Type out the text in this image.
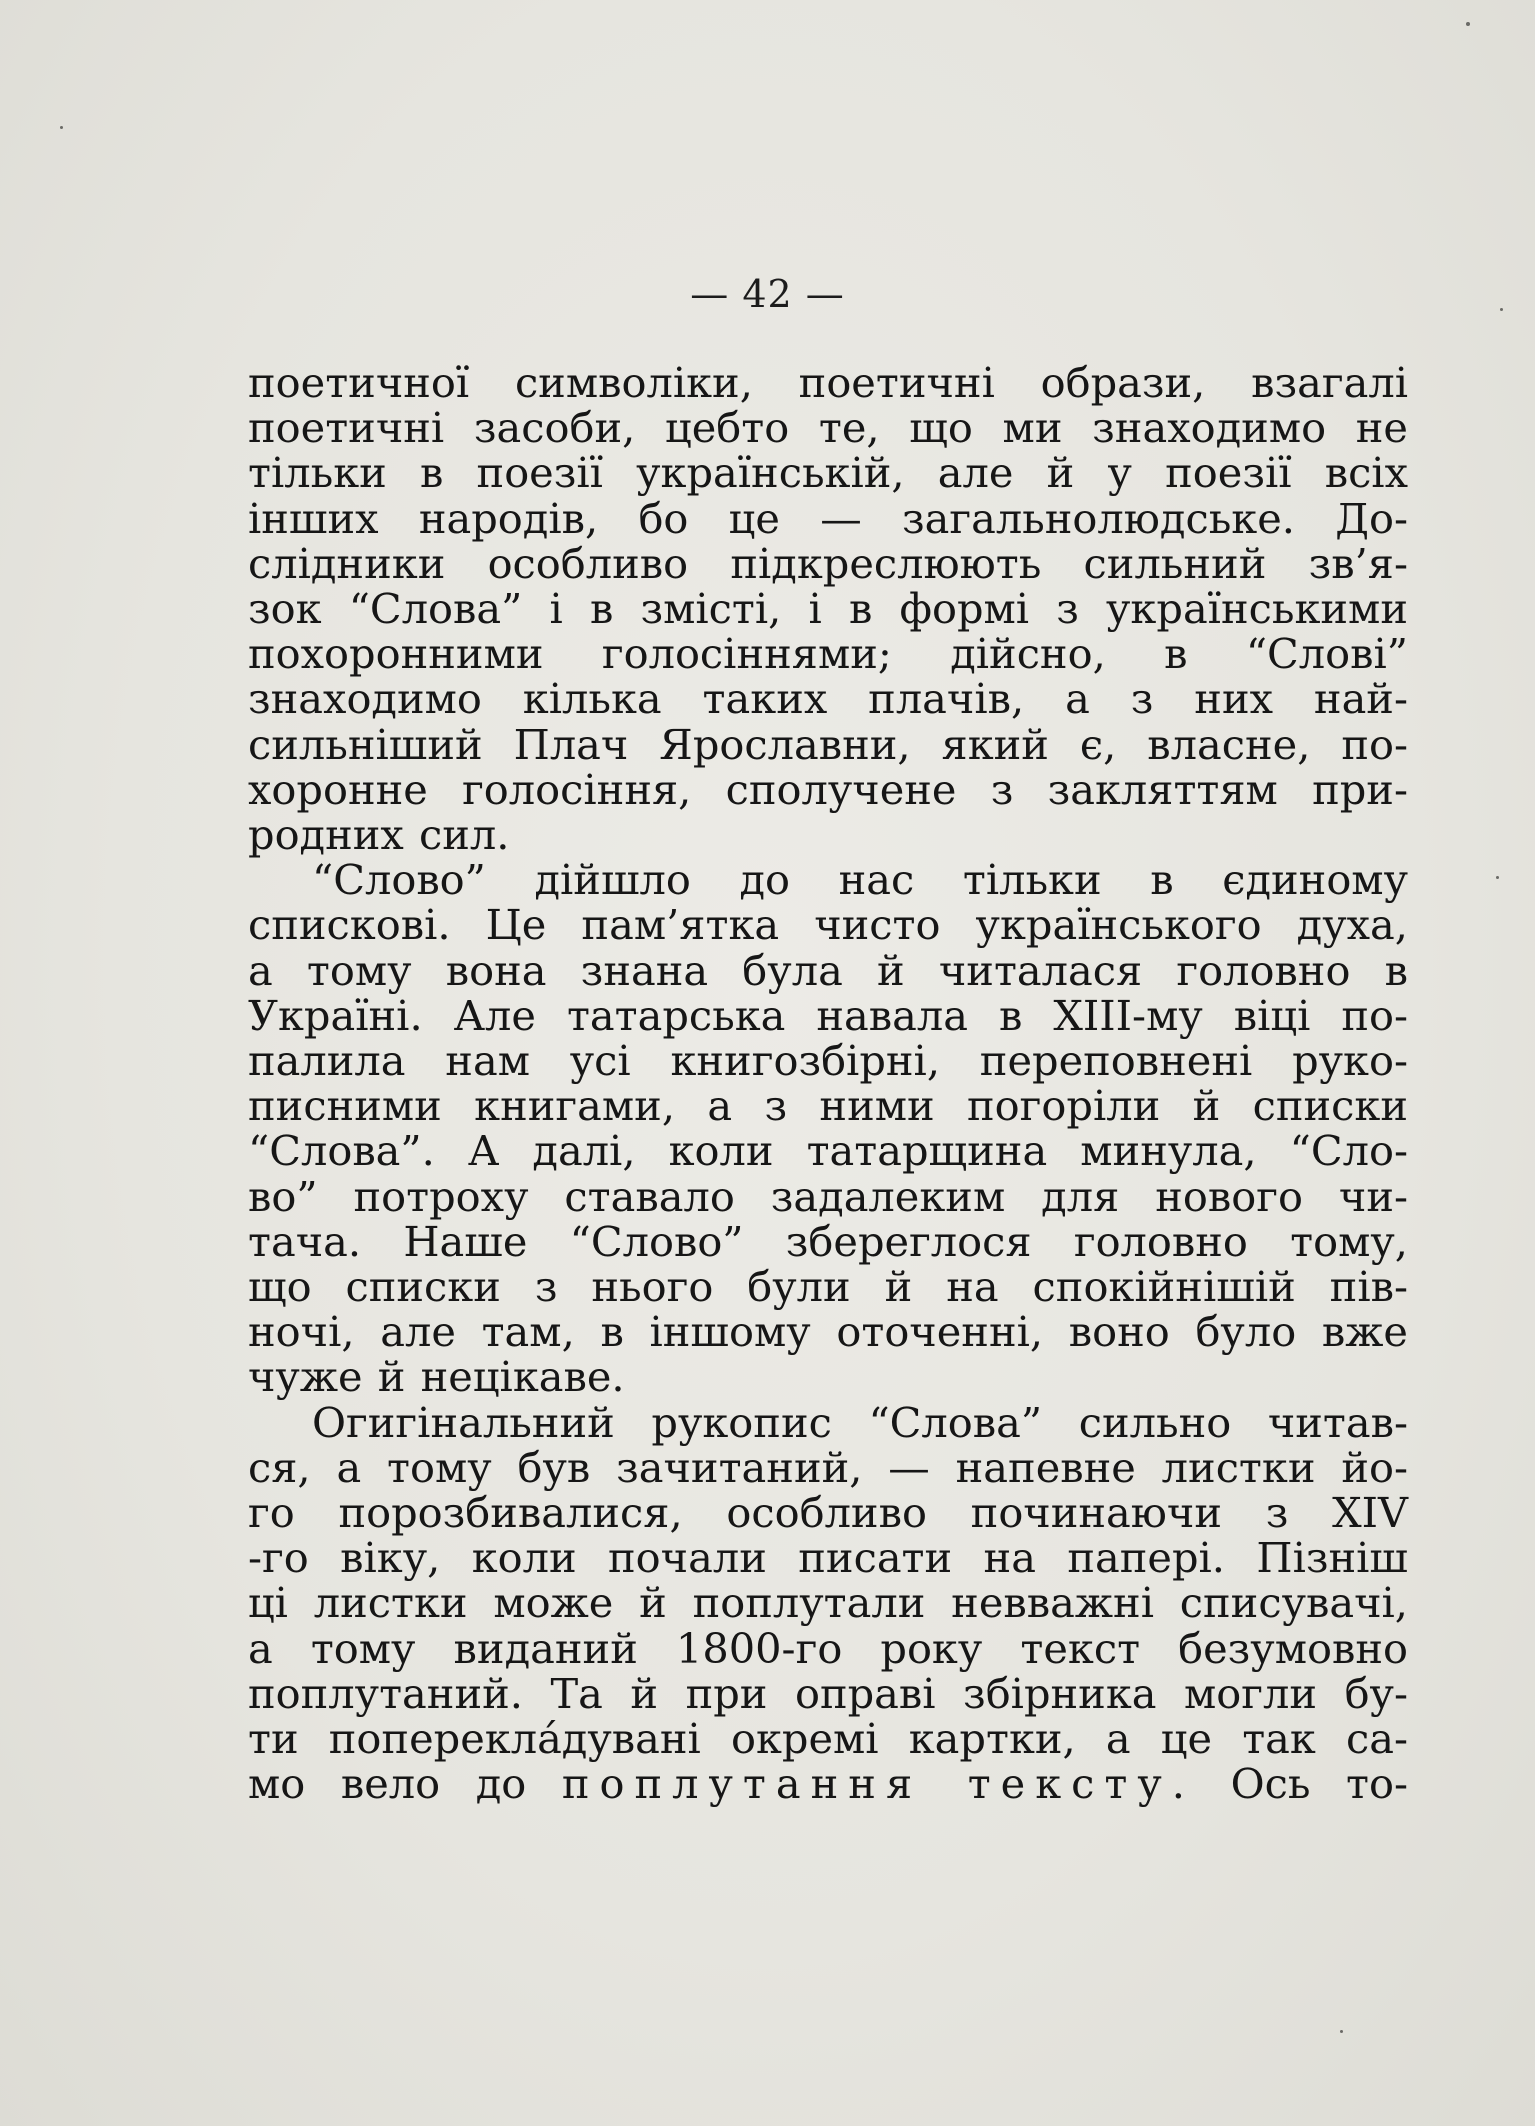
— 42 —
поетичної символіки, поетичні образи, взагалі
поетичні засоби, цебто те, що ми знаходимо не
тільки в поезії українській, але й у поезії всіх
інших народів, бо це — загальнолюдське. До-
слідники особливо підкреслюють сильний зв’я-
зок “Слова” і в змісті, і в формі з українськими
похоронними голосіннями; дійсно, в “Слові”
знаходимо кілька таких плачів, а з них най-
сильніший Плач Ярославни, який є, власне, по-
хоронне голосіння, сполучене з закляттям при-
родних сил.
“Слово” дійшло до нас тільки в єдиному
спискові. Це пам’ятка чисто українського духа,
а тому вона знана була й читалася головно в
Україні. Але татарська навала в XIII-му віці по-
палила нам усі книгозбірні, переповнені руко-
писними книгами, а з ними погоріли й списки
“Слова”. А далі, коли татарщина минула, “Сло-
во” потроху ставало задалеким для нового чи-
тача. Наше “Слово” збереглося головно тому,
що списки з нього були й на спокійнішій пів-
ночі, але там, в іншому оточенні, воно було вже
чуже й нецікаве.
Огигінальний рукопис “Слова” сильно читав-
ся, а тому був зачитаний, — напевне листки йо-
го порозбивалися, особливо починаючи з XIV
-го віку, коли почали писати на папері. Пізніш
ці листки може й поплутали невважні списувачі,
а тому виданий 1800-го року текст безумовно
поплутаний. Та й при оправі збірника могли бу-
ти попереклáдувані окремі картки, а це так са-
мо вело до поплутання тексту. Ось то-
